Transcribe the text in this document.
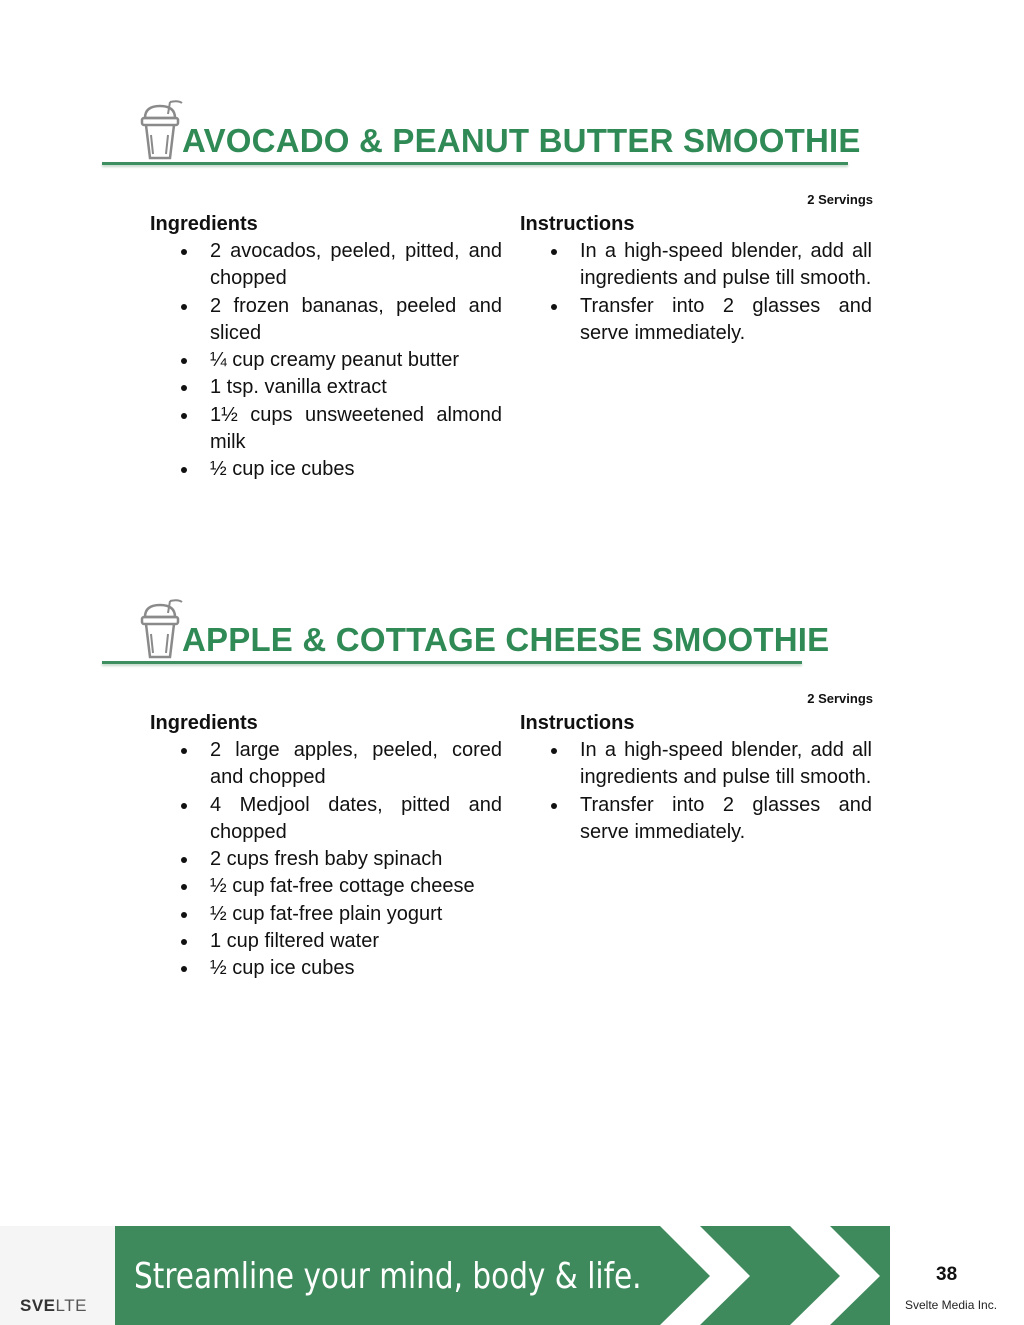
AVOCADO & PEANUT BUTTER SMOOTHIE
2 Servings
Ingredients
2 avocados, peeled, pitted, and chopped
2 frozen bananas, peeled and sliced
¼ cup creamy peanut butter
1 tsp. vanilla extract
1½ cups unsweetened almond milk
½ cup ice cubes
Instructions
In a high-speed blender, add all ingredients and pulse till smooth.
Transfer into 2 glasses and serve immediately.
APPLE & COTTAGE CHEESE SMOOTHIE
2 Servings
Ingredients
2 large apples, peeled, cored and chopped
4 Medjool dates, pitted and chopped
2 cups fresh baby spinach
½ cup fat-free cottage cheese
½ cup fat-free plain yogurt
1 cup filtered water
½ cup ice cubes
Instructions
In a high-speed blender, add all ingredients and pulse till smooth.
Transfer into 2 glasses and serve immediately.
Streamline your mind, body & life.
SVELTE
38
Svelte Media Inc.
